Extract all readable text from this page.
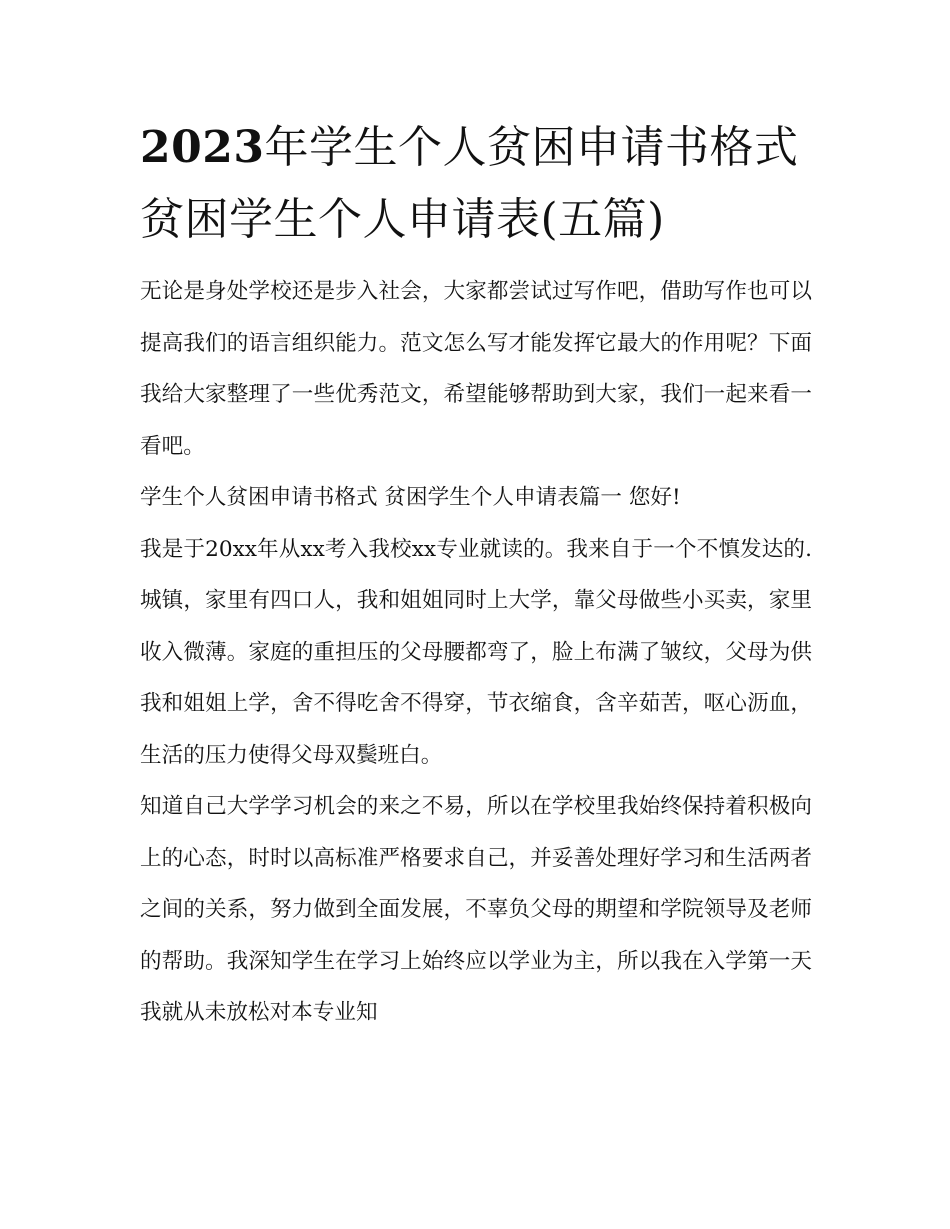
2023年学生个人贫困申请书格式 贫困学生个人申请表(五篇)

无论是身处学校还是步入社会，大家都尝试过写作吧，借助写作也可以提高我们的语言组织能力。范文怎么写才能发挥它最大的作用呢？下面我给大家整理了一些优秀范文，希望能够帮助到大家，我们一起来看一看吧。

学生个人贫困申请书格式 贫困学生个人申请表篇一 您好!

我是于20xx年从xx考入我校xx专业就读的。我来自于一个不慎发达的.城镇，家里有四口人，我和姐姐同时上大学，靠父母做些小买卖，家里收入微薄。家庭的重担压的父母腰都弯了，脸上布满了皱纹，父母为供我和姐姐上学，舍不得吃舍不得穿，节衣缩食，含辛茹苦，呕心沥血，生活的压力使得父母双鬓班白。

知道自己大学学习机会的来之不易，所以在学校里我始终保持着积极向上的心态，时时以高标准严格要求自己，并妥善处理好学习和生活两者之间的关系，努力做到全面发展，不辜负父母的期望和学院领导及老师的帮助。我深知学生在学习上始终应以学业为主，所以我在入学第一天我就从未放松对本专业知
